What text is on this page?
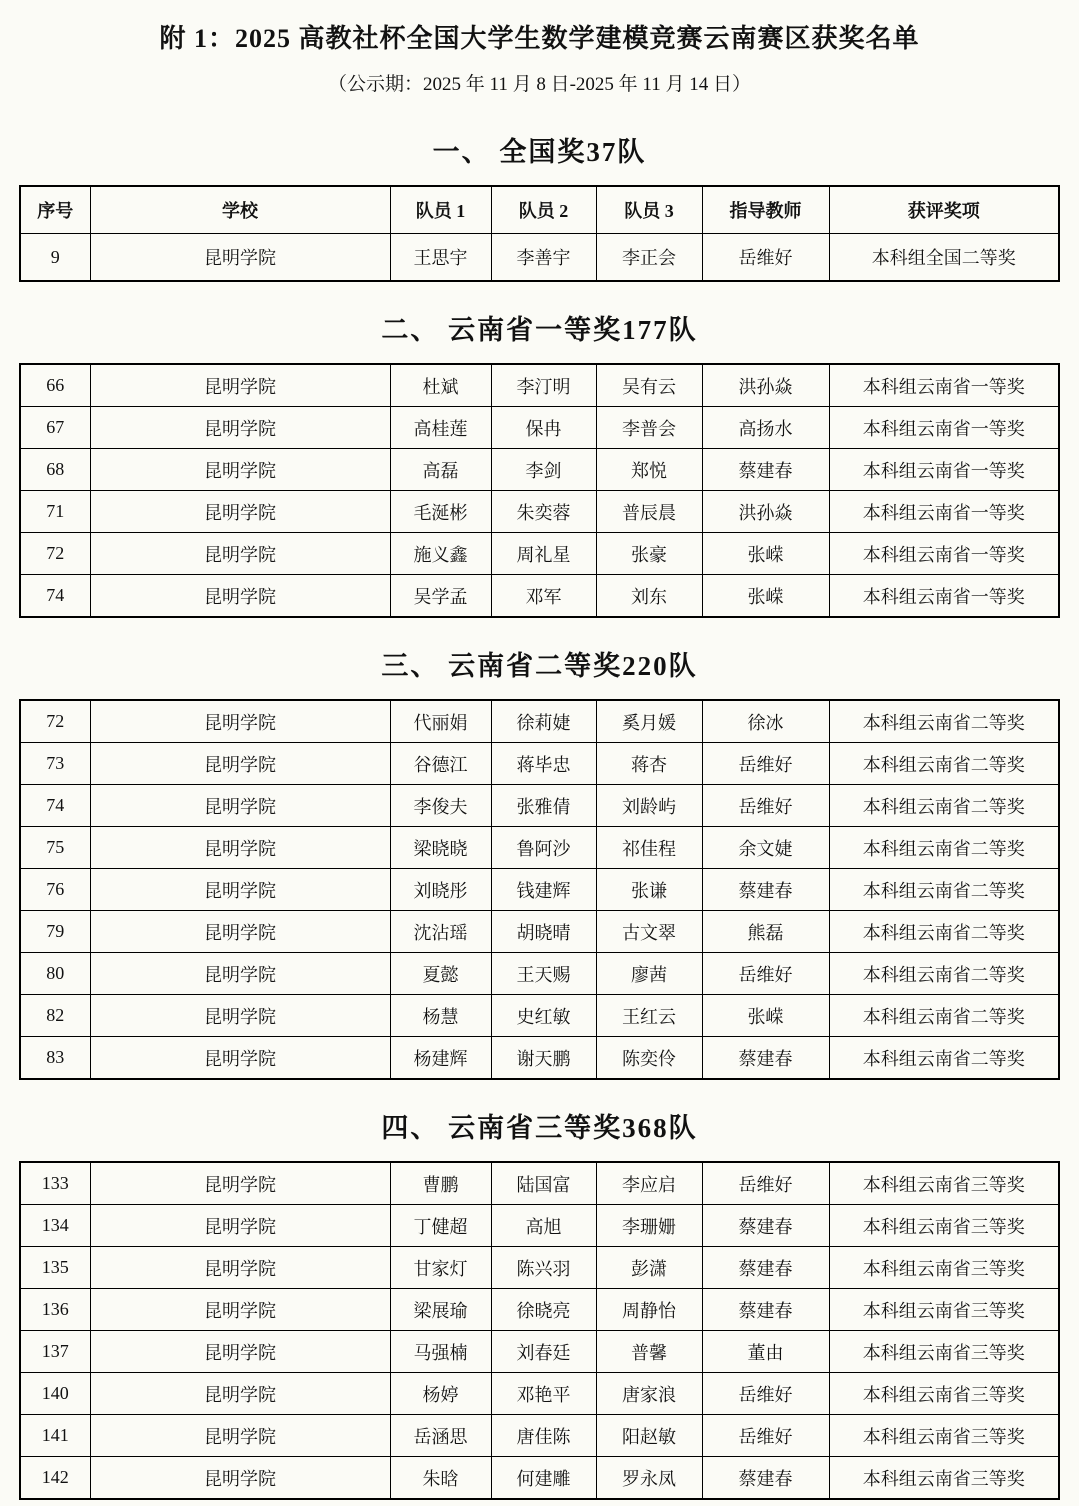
附 1：2025 高教社杯全国大学生数学建模竞赛云南赛区获奖名单

（公示期：2025 年 11 月 8 日-2025 年 11 月 14 日）

一、 全国奖37队
序号	学校	队员 1	队员 2	队员 3	指导教师	获评奖项
9	昆明学院	王思宇	李善宇	李正会	岳维好	本科组全国二等奖
二、 云南省一等奖177队
66	昆明学院	杜斌	李汀明	吴有云	洪孙焱	本科组云南省一等奖
67	昆明学院	高桂莲	保冉	李普会	高扬水	本科组云南省一等奖
68	昆明学院	高磊	李剑	郑悦	蔡建春	本科组云南省一等奖
71	昆明学院	毛涎彬	朱奕蓉	普辰晨	洪孙焱	本科组云南省一等奖
72	昆明学院	施义鑫	周礼星	张豪	张嵘	本科组云南省一等奖
74	昆明学院	吴学孟	邓军	刘东	张嵘	本科组云南省一等奖
三、 云南省二等奖220队
72	昆明学院	代丽娟	徐莉婕	奚月媛	徐冰	本科组云南省二等奖
73	昆明学院	谷德江	蒋毕忠	蒋杏	岳维好	本科组云南省二等奖
74	昆明学院	李俊夫	张雅倩	刘龄屿	岳维好	本科组云南省二等奖
75	昆明学院	梁晓晓	鲁阿沙	祁佳程	余文婕	本科组云南省二等奖
76	昆明学院	刘晓彤	钱建辉	张谦	蔡建春	本科组云南省二等奖
79	昆明学院	沈沾瑶	胡晓晴	古文翠	熊磊	本科组云南省二等奖
80	昆明学院	夏懿	王天赐	廖茜	岳维好	本科组云南省二等奖
82	昆明学院	杨慧	史红敏	王红云	张嵘	本科组云南省二等奖
83	昆明学院	杨建辉	谢天鹏	陈奕伶	蔡建春	本科组云南省二等奖
四、 云南省三等奖368队
133	昆明学院	曹鹏	陆国富	李应启	岳维好	本科组云南省三等奖
134	昆明学院	丁健超	高旭	李珊姗	蔡建春	本科组云南省三等奖
135	昆明学院	甘家灯	陈兴羽	彭潇	蔡建春	本科组云南省三等奖
136	昆明学院	梁展瑜	徐晓亮	周静怡	蔡建春	本科组云南省三等奖
137	昆明学院	马强楠	刘春廷	普馨	董由	本科组云南省三等奖
140	昆明学院	杨婷	邓艳平	唐家浪	岳维好	本科组云南省三等奖
141	昆明学院	岳涵思	唐佳陈	阳赵敏	岳维好	本科组云南省三等奖
142	昆明学院	朱晗	何建雕	罗永凤	蔡建春	本科组云南省三等奖
